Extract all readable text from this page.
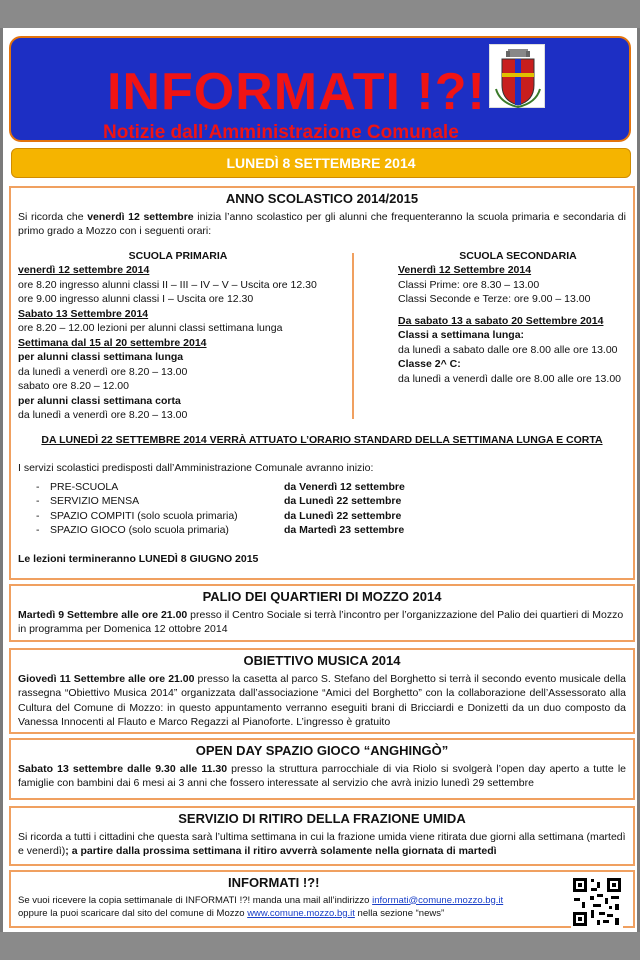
INFORMATI !?!
Notizie dall’Amministrazione Comunale
LUNEDÌ 8 SETTEMBRE 2014
ANNO SCOLASTICO 2014/2015
Si ricorda che venerdì 12 settembre inizia l’anno scolastico per gli alunni che frequenteranno la scuola primaria e secondaria di primo grado a Mozzo con i seguenti orari:
SCUOLA PRIMARIA
venerdì 12 settembre 2014
ore 8.20 ingresso alunni classi II – III – IV – V – Uscita ore 12.30
ore 9.00 ingresso alunni classi I – Uscita ore 12.30
Sabato 13 Settembre 2014
ore 8.20 – 12.00 lezioni per alunni classi settimana lunga
Settimana dal 15 al 20 settembre 2014
per alunni classi settimana lunga
da lunedì a venerdì ore 8.20 – 13.00
sabato ore 8.20 – 12.00
per alunni classi settimana corta
da lunedì a venerdì ore 8.20 – 13.00
SCUOLA SECONDARIA
Venerdì 12 Settembre 2014
Classi Prime: ore 8.30 – 13.00
Classi Seconde e Terze: ore 9.00 – 13.00
Da sabato 13 a sabato 20 Settembre 2014
Classi a settimana lunga:
da lunedì a sabato dalle ore 8.00 alle ore 13.00
Classe 2^ C:
da lunedì a venerdì dalle ore 8.00 alle ore 13.00
DA LUNEDÌ 22 SETTEMBRE 2014 VERRÀ ATTUATO L’ORARIO STANDARD DELLA SETTIMANA LUNGA E CORTA
I servizi scolastici predisposti dall’Amministrazione Comunale avranno inizio:
-	PRE-SCUOLA	da Venerdì 12 settembre
-	SERVIZIO MENSA	da Lunedì 22 settembre
-	SPAZIO COMPITI (solo scuola primaria)	da Lunedì 22 settembre
-	SPAZIO GIOCO (solo scuola primaria)	da Martedì 23 settembre
Le lezioni termineranno LUNEDÌ 8 GIUGNO 2015
PALIO DEI QUARTIERI DI MOZZO 2014
Martedì 9 Settembre alle ore 21.00 presso il Centro Sociale si terrà l’incontro per l’organizzazione del Palio dei quartieri di Mozzo in programma per Domenica 12 ottobre 2014
OBIETTIVO MUSICA 2014
Giovedì 11 Settembre alle ore 21.00 presso la casetta al parco S. Stefano del Borghetto si terrà il secondo evento musicale della rassegna “Obiettivo Musica 2014” organizzata dall’associazione “Amici del Borghetto” con la collaborazione dell’Assessorato alla Cultura del Comune di Mozzo: in questo appuntamento verranno eseguiti brani di Bricciardi e Donizetti da un duo composto da Vanessa Innocenti al Flauto e Marco Regazzi al Pianoforte. L’ingresso è gratuito
OPEN DAY SPAZIO GIOCO “ANGHINGÒ”
Sabato 13 settembre dalle 9.30 alle 11.30 presso la struttura parrocchiale di via Riolo si svolgerà l’open day aperto a tutte le famiglie con bambini dai 6 mesi ai 3 anni che fossero interessate al servizio che avrà inizio lunedì 29 settembre
SERVIZIO DI RITIRO DELLA FRAZIONE UMIDA
Si ricorda a tutti i cittadini che questa sarà l’ultima settimana in cui la frazione umida viene ritirata due giorni alla settimana (martedì e venerdì); a partire dalla prossima settimana il ritiro avverrà solamente nella giornata di martedì
INFORMATI !?!
Se vuoi ricevere la copia settimanale di INFORMATI !?! manda una mail all’indirizzo informati@comune.mozzo.bg.it
oppure la puoi scaricare dal sito del comune di Mozzo www.comune.mozzo.bg.it nella sezione “news”
